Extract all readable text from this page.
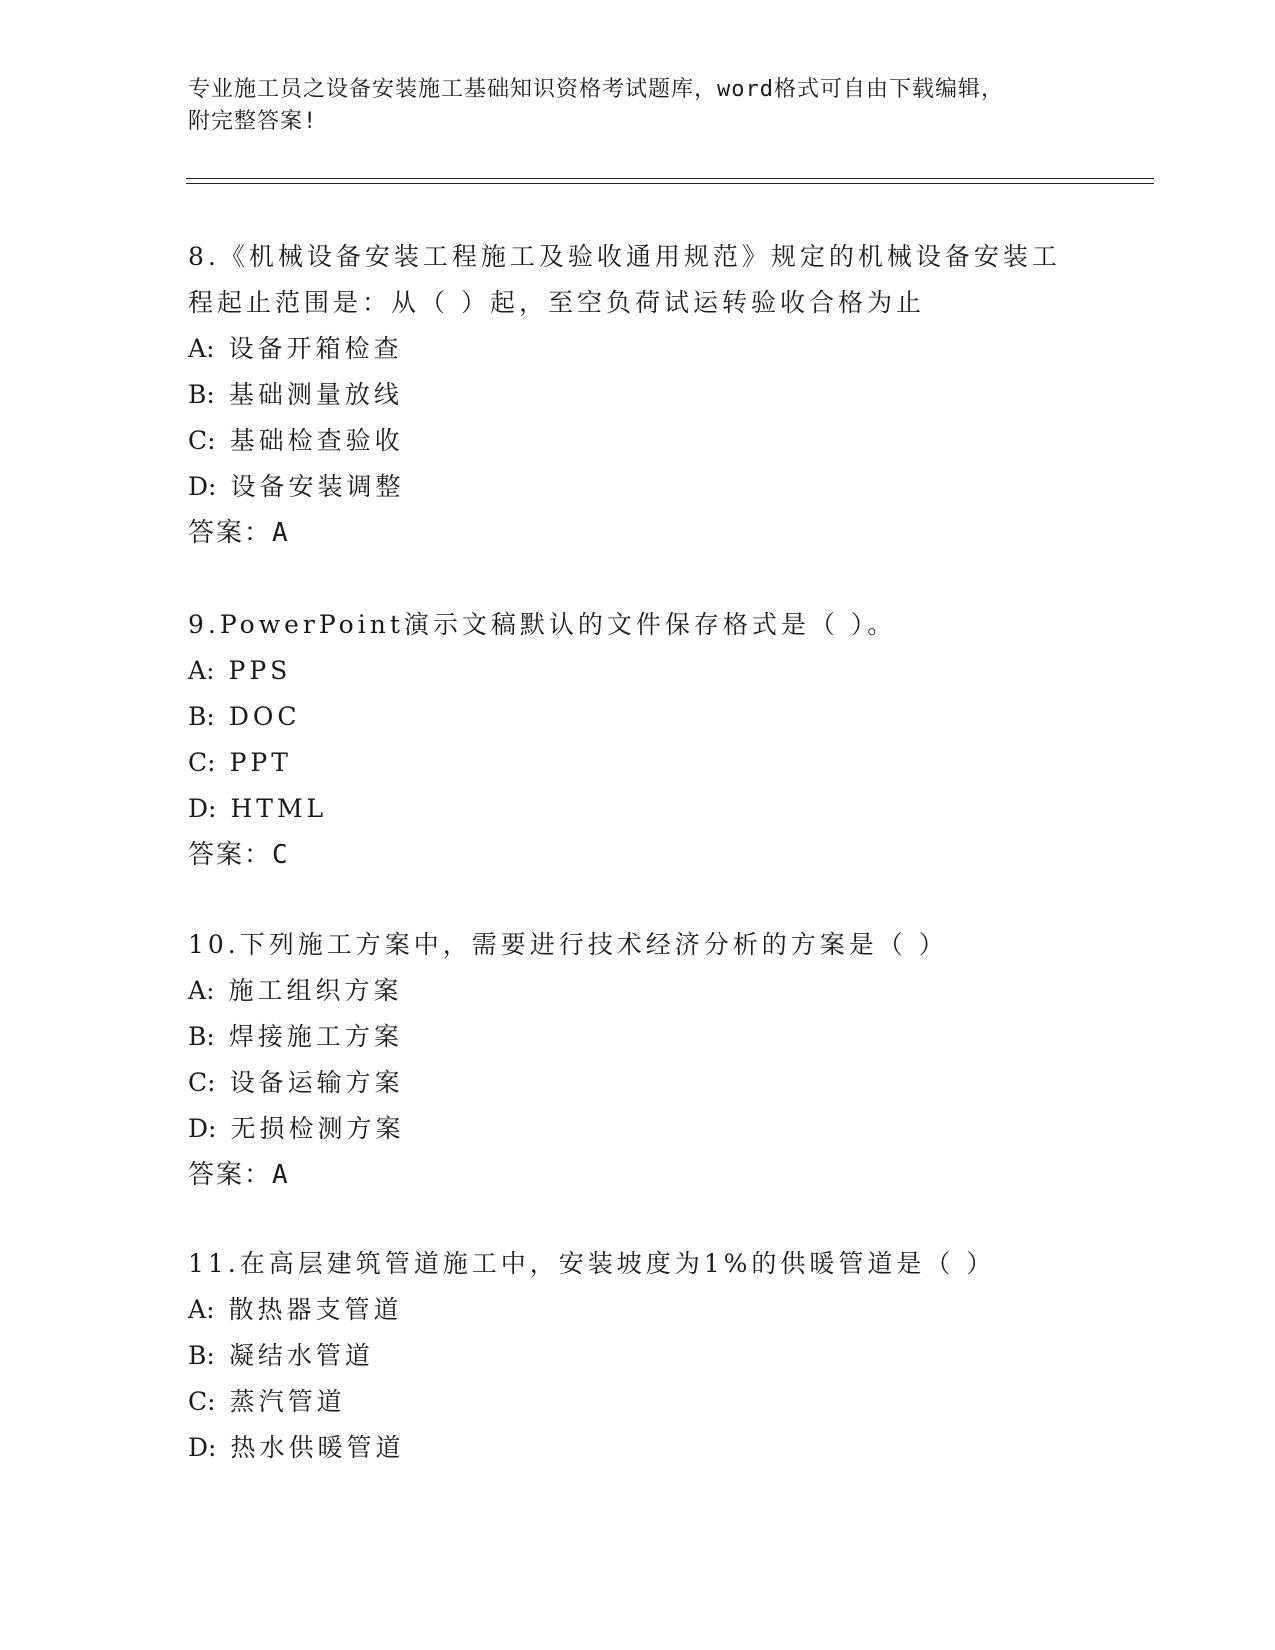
专业施工员之设备安装施工基础知识资格考试题库，word格式可自由下载编辑，
附完整答案!
8.《机械设备安装工程施工及验收通用规范》规定的机械设备安装工程起止范围是：从（ ）起，至空负荷试运转验收合格为止
A: 设备开箱检查
B: 基础测量放线
C: 基础检查验收
D: 设备安装调整
答案：A
9.PowerPoint演示文稿默认的文件保存格式是（ ）。
A: PPS
B: DOC
C: PPT
D: HTML
答案：C
10.下列施工方案中，需要进行技术经济分析的方案是（ ）
A: 施工组织方案
B: 焊接施工方案
C: 设备运输方案
D: 无损检测方案
答案：A
11.在高层建筑管道施工中，安装坡度为1%的供暖管道是（ ）
A: 散热器支管道
B: 凝结水管道
C: 蒸汽管道
D: 热水供暖管道
